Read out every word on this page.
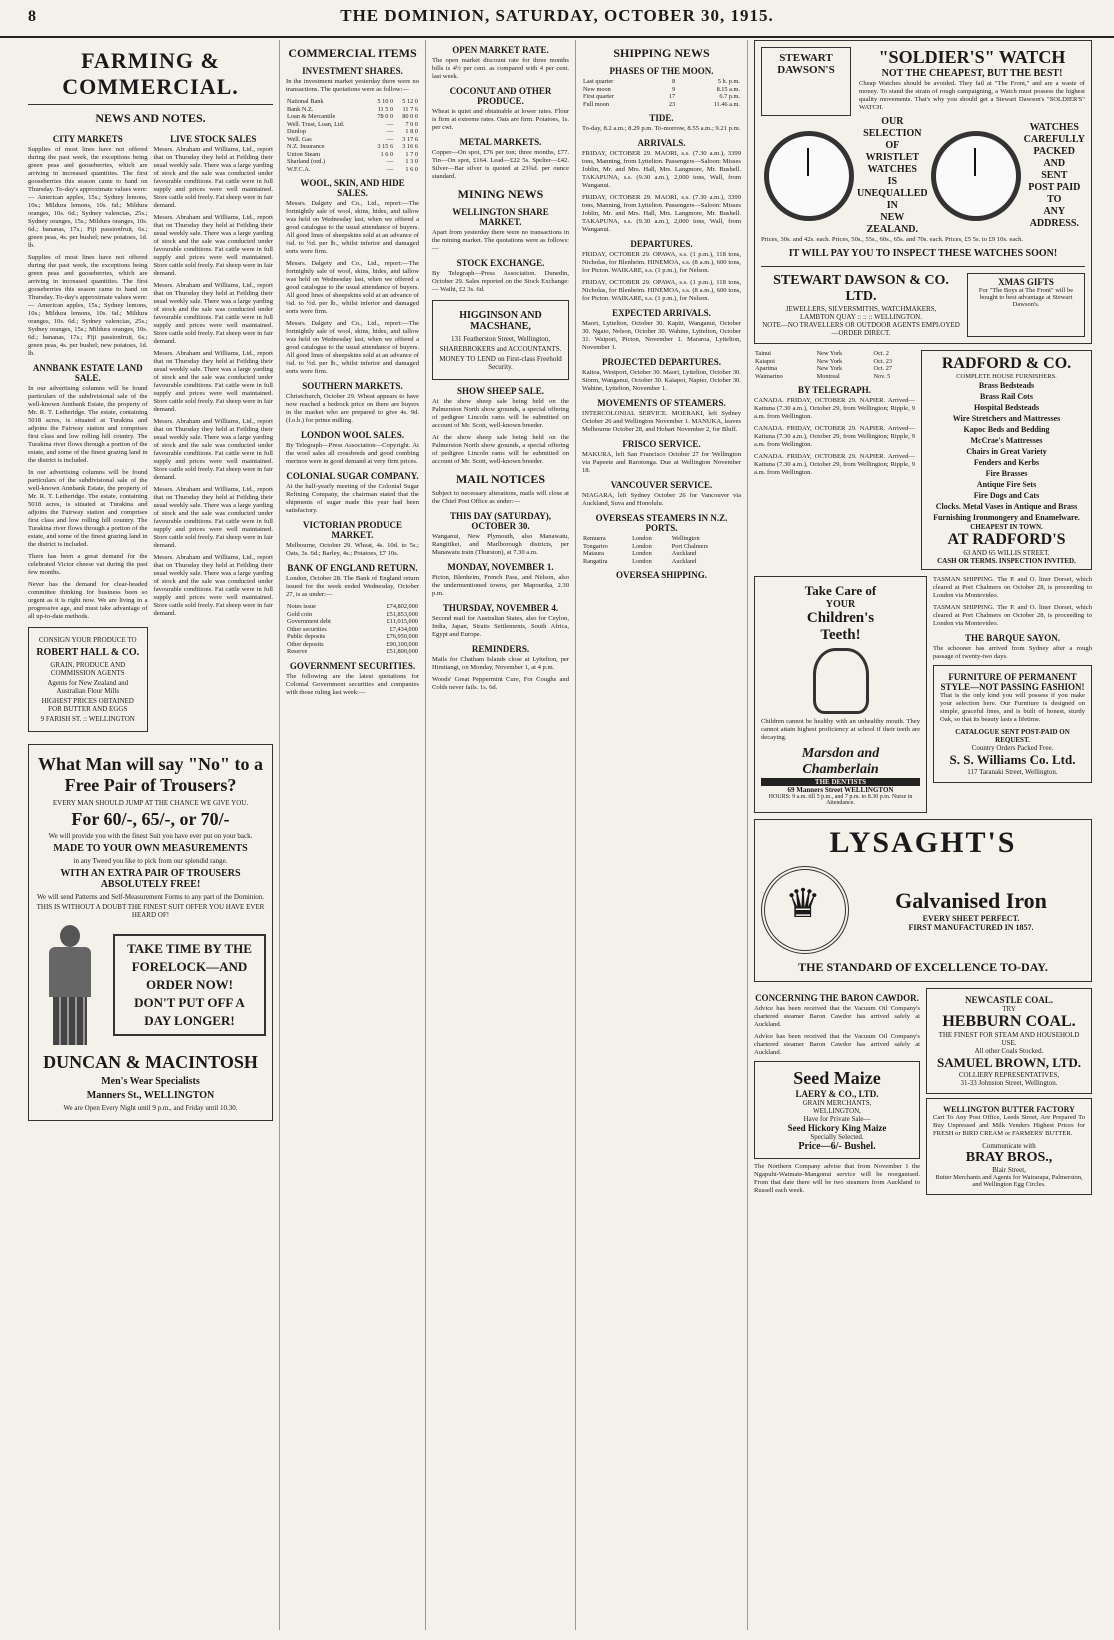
8	THE DOMINION, SATURDAY, OCTOBER 30, 1915.
FARMING & COMMERCIAL.
NEWS AND NOTES.
CITY MARKETS

Supplies of most lines have not offered during the past week, the exceptions being green peas and gooseberries, which are arriving in increased quantities. The first gooseberries this season came to hand on Thursday. To-day's approximate values were:— American apples, 15s.; Sydney lemons, 10s.; Mildura lemons, 10s. 6d.; Mildura oranges, 10s. 6d.; Sydney valencias, 25s.; Sydney oranges, 15s.; Mildura oranges, 10s. 6d.; bananas, 17s.; Fiji passionfruit, 6s.; green peas, 4s. per bushel; new potatoes, 1d. lb.

Supplies of most lines have not offered during the past week, the exceptions being green peas and gooseberries, which are arriving in increased quantities. The first gooseberries this season came to hand on Thursday. To-day's approximate values were:— American apples, 15s.; Sydney lemons, 10s.; Mildura lemons, 10s. 6d.; Mildura oranges, 10s. 6d.; Sydney valencias, 25s.; Sydney oranges, 15s.; Mildura oranges, 10s. 6d.; bananas, 17s.; Fiji passionfruit, 6s.; green peas, 4s. per bushel; new potatoes, 1d. lb.

ANNBANK ESTATE LAND SALE.

In our advertising columns will be found particulars of the subdivisional sale of the well-known Annbank Estate, the property of Mr. R. T. Letheridge. The estate, containing 5018 acres, is situated at Turakina and adjoins the Fairway station and comprises first class and low rolling hill country. The Turakina river flows through a portion of the estate, and some of the finest grazing land in the district is included.

In our advertising columns will be found particulars of the subdivisional sale of the well-known Annbank Estate, the property of Mr. R. T. Letheridge. The estate, containing 5018 acres, is situated at Turakina and adjoins the Fairway station and comprises first class and low rolling hill country. The Turakina river flows through a portion of the estate, and some of the finest grazing land in the district is included.

There has been a great demand for the celebrated Victor cheese vat during the past few months.

Never has the demand for clear-headed committee thinking for business been so urgent as it is right now. We are living in a progressive age, and must take advantage of all up-to-date methods.

CONSIGN YOUR PRODUCE TO
ROBERT HALL & CO.
GRAIN, PRODUCE AND COMMISSION AGENTS
Agents for New Zealand and Australian Flour Mills
HIGHEST PRICES OBTAINED FOR BUTTER AND EGGS
9 FARISH ST. :: WELLINGTON
LIVE STOCK SALES

Messrs. Abraham and Williams, Ltd., report that on Thursday they held at Feilding their usual weekly sale. There was a large yarding of stock and the sale was conducted under favourable conditions. Fat cattle were in full supply and prices were well maintained. Store cattle sold freely. Fat sheep were in fair demand.

Messrs. Abraham and Williams, Ltd., report that on Thursday they held at Feilding their usual weekly sale. There was a large yarding of stock and the sale was conducted under favourable conditions. Fat cattle were in full supply and prices were well maintained. Store cattle sold freely. Fat sheep were in fair demand.

Messrs. Abraham and Williams, Ltd., report that on Thursday they held at Feilding their usual weekly sale. There was a large yarding of stock and the sale was conducted under favourable conditions. Fat cattle were in full supply and prices were well maintained. Store cattle sold freely. Fat sheep were in fair demand.

Messrs. Abraham and Williams, Ltd., report that on Thursday they held at Feilding their usual weekly sale. There was a large yarding of stock and the sale was conducted under favourable conditions. Fat cattle were in full supply and prices were well maintained. Store cattle sold freely. Fat sheep were in fair demand.

Messrs. Abraham and Williams, Ltd., report that on Thursday they held at Feilding their usual weekly sale. There was a large yarding of stock and the sale was conducted under favourable conditions. Fat cattle were in full supply and prices were well maintained. Store cattle sold freely. Fat sheep were in fair demand.

Messrs. Abraham and Williams, Ltd., report that on Thursday they held at Feilding their usual weekly sale. There was a large yarding of stock and the sale was conducted under favourable conditions. Fat cattle were in full supply and prices were well maintained. Store cattle sold freely. Fat sheep were in fair demand.

Messrs. Abraham and Williams, Ltd., report that on Thursday they held at Feilding their usual weekly sale. There was a large yarding of stock and the sale was conducted under favourable conditions. Fat cattle were in full supply and prices were well maintained. Store cattle sold freely. Fat sheep were in fair demand.

What Man will say "No" to a Free Pair of Trousers?
EVERY MAN SHOULD JUMP AT THE CHANCE WE GIVE YOU.
For 60/-, 65/-, or 70/-
We will provide you with the finest Suit you have ever put on your back.
MADE TO YOUR OWN MEASUREMENTS
in any Tweed you like to pick from our splendid range.
WITH AN EXTRA PAIR OF TROUSERS ABSOLUTELY FREE!
We will send Patterns and Self-Measurement Forms to any part of the Dominion.
THIS IS WITHOUT A DOUBT THE FINEST SUIT OFFER YOU HAVE EVER HEARD OF!
TAKE TIME BY THE
FORELOCK—AND
ORDER NOW!
DON'T PUT OFF A
DAY LONGER!
DUNCAN & MACINTOSH
Men's Wear Specialists
Manners St., WELLINGTON
We are Open Every Night until 9 p.m., and Friday until 10.30.
COMMERCIAL ITEMS
INVESTMENT SHARES.

In the investment market yesterday there were no transactions. The quotations were as follow:—

National Bank	5 10 0	5 12 0
Bank N.Z.	11 5 0	11 7 6
Loan & Mercantile	78 0 0	80 0 0
Well. Trust, Loan, Ltd.	—	7 0 0
Dunlop	—	1 8 0
Well. Gas	—	3 17 6
N.Z. Insurance	3 15 6	3 16 6
Union Steam	1 6 0	1 7 0
Sharland (ord.)	—	1 3 0
W.F.C.A.	—	1 6 0
WOOL, SKIN, AND HIDE SALES.

Messrs. Dalgety and Co., Ltd., report:—The fortnightly sale of wool, skins, hides, and tallow was held on Wednesday last, when we offered a good catalogue to the usual attendance of buyers. All good lines of sheepskins sold at an advance of ¼d. to ½d. per lb., whilst inferior and damaged sorts were firm.

Messrs. Dalgety and Co., Ltd., report:—The fortnightly sale of wool, skins, hides, and tallow was held on Wednesday last, when we offered a good catalogue to the usual attendance of buyers. All good lines of sheepskins sold at an advance of ¼d. to ½d. per lb., whilst inferior and damaged sorts were firm.

Messrs. Dalgety and Co., Ltd., report:—The fortnightly sale of wool, skins, hides, and tallow was held on Wednesday last, when we offered a good catalogue to the usual attendance of buyers. All good lines of sheepskins sold at an advance of ¼d. to ½d. per lb., whilst inferior and damaged sorts were firm.

SOUTHERN MARKETS.

Christchurch, October 29. Wheat appears to have now reached a bedrock price on there are buyers in the market who are prepared to give 4s. 9d. (f.o.b.) for prime milling.

LONDON WOOL SALES.

By Telegraph—Press Association—Copyright. At the wool sales all crossbreds and good combing merinos were in good demand at very firm prices.

COLONIAL SUGAR COMPANY.

At the half-yearly meeting of the Colonial Sugar Refining Company, the chairman stated that the shipments of sugar made this year had been satisfactory.

VICTORIAN PRODUCE MARKET.

Melbourne, October 29. Wheat, 4s. 10d. to 5s.; Oats, 3s. 6d.; Barley, 4s.; Potatoes, £7 10s.

BANK OF ENGLAND RETURN.

London, October 28. The Bank of England return issued for the week ended Wednesday, October 27, is as under:—

Notes issue	£74,802,000
Gold coin	£51,853,000
Government debt	£11,015,000
Other securities	£7,434,000
Public deposits	£76,950,000
Other deposits	£90,100,000
Reserve	£51,800,000
GOVERNMENT SECURITIES.

The following are the latest quotations for Colonial Government securities and companies with those ruling last week:—

OPEN MARKET RATE.

The open market discount rate for three months bills is 4½ per cent. as compared with 4 per cent. last week.

COCONUT AND OTHER PRODUCE.

Wheat is quiet and obtainable at lower rates. Flour is firm at extreme rates. Oats are firm. Potatoes, 1s. per cwt.

METAL MARKETS.

Copper—On spot, £76 per ton; three months, £77. Tin—On spot, £164. Lead—£22 5s. Spelter—£42. Silver—Bar silver is quoted at 23¾d. per ounce standard.

MINING NEWS
WELLINGTON SHARE MARKET.

Apart from yesterday there were no transactions in the mining market. The quotations were as follows:—

STOCK EXCHANGE.

By Telegraph—Press Association. Dunedin, October 29. Sales reported on the Stock Exchange:— Waihi, £2 3s. 6d.

HIGGINSON AND MACSHANE,
131 Featherston Street, Wellington,
SHAREBROKERS and ACCOUNTANTS.
MONEY TO LEND on First-class Freehold Security.
SHOW SHEEP SALE.

At the show sheep sale being held on the Palmerston North show grounds, a special offering of pedigree Lincoln rams will be submitted on account of Mr. Scott, well-known breeder.

At the show sheep sale being held on the Palmerston North show grounds, a special offering of pedigree Lincoln rams will be submitted on account of Mr. Scott, well-known breeder.

MAIL NOTICES

Subject to necessary alterations, mails will close at the Chief Post Office as under:—

THIS DAY (SATURDAY), OCTOBER 30.

Wanganui, New Plymouth, also Manawatu, Rangitikei, and Marlborough districts, per Manawatu train (Thurston), at 7.30 a.m.

MONDAY, NOVEMBER 1.

Picton, Blenheim, French Pass, and Nelson, also the undermentioned towns, per Mapourika, 2.30 p.m.

THURSDAY, NOVEMBER 4.

Second mail for Australian States, also for Ceylon, India, Japan, Straits Settlements, South Africa, Egypt and Europe.

REMINDERS.

Mails for Chatham Islands close at Lyttelton, per Himitangi, on Monday, November 1, at 4 p.m.

Woods' Great Peppermint Cure, For Coughs and Colds never fails. 1s. 6d.

SHIPPING NEWS
PHASES OF THE MOON.
Last quarter	8	5 h. p.m.
New moon	9	8.15 a.m.
First quarter	17	6.7 p.m.
Full moon	23	11.46 a.m.
TIDE.

To-day, 8.2 a.m.; 8.29 p.m. To-morrow, 8.55 a.m.; 9.21 p.m.

ARRIVALS.

FRIDAY, OCTOBER 29. MAORI, s.s. (7.30 a.m.), 3399 tons, Manning, from Lyttelton. Passengers—Saloon: Misses Joblin, Mr. and Mrs. Hall, Mrs. Langmore, Mr. Bushell. TAKAPUNA, s.s. (9.30 a.m.), 2,000 tons, Wall, from Wanganui.

FRIDAY, OCTOBER 29. MAORI, s.s. (7.30 a.m.), 3399 tons, Manning, from Lyttelton. Passengers—Saloon: Misses Joblin, Mr. and Mrs. Hall, Mrs. Langmore, Mr. Bushell. TAKAPUNA, s.s. (9.30 a.m.), 2,000 tons, Wall, from Wanganui.

DEPARTURES.

FRIDAY, OCTOBER 29. OPAWA, s.s. (1 p.m.), 118 tons, Nicholas, for Blenheim. HINEMOA, s.s. (8 a.m.), 600 tons, for Picton. WAIKARE, s.s. (1 p.m.), for Nelson.

FRIDAY, OCTOBER 29. OPAWA, s.s. (1 p.m.), 118 tons, Nicholas, for Blenheim. HINEMOA, s.s. (8 a.m.), 600 tons, for Picton. WAIKARE, s.s. (1 p.m.), for Nelson.

EXPECTED ARRIVALS.

Maori, Lyttelton, October 30. Kapiti, Wanganui, October 30. Ngaio, Nelson, October 30. Wahine, Lyttelton, October 31. Waipori, Picton, November 1. Mararoa, Lyttelton, November 1.

PROJECTED DEPARTURES.

Kaitoa, Westport, October 30. Maori, Lyttelton, October 30. Storm, Wanganui, October 30. Kaiapoi, Napier, October 30. Wahine, Lyttelton, November 1.

MOVEMENTS OF STEAMERS.

INTERCOLONIAL SERVICE. MOERAKI, left Sydney October 26 and Wellington November 1. MANUKA, leaves Melbourne October 28, and Hobart November 2, for Bluff.

FRISCO SERVICE.

MAKURA, left San Francisco October 27 for Wellington via Papeete and Rarotonga. Due at Wellington November 18.

VANCOUVER SERVICE.

NIAGARA, left Sydney October 26 for Vancouver via Auckland, Suva and Honolulu.

OVERSEAS STEAMERS IN N.Z. PORTS.
Remuera	London	Wellington
Tongariro	London	Port Chalmers
Mataura	London	Auckland
Rangatira	London	Auckland
OVERSEA SHIPPING.
STEWART DAWSON'S
"SOLDIER'S" WATCH
NOT THE CHEAPEST, BUT THE BEST!

Cheap Watches should be avoided. They fail at "The Front," and are a waste of money. To stand the strain of rough campaigning, a Watch must possess the highest quality movements. That's why you should get a Stewart Dawson's "SOLDIER'S" WATCH.

OUR
SELECTION
OF
WRISTLET
WATCHES
IS
UNEQUALLED
IN
NEW
ZEALAND.
WATCHES
CAREFULLY
PACKED
AND
SENT
POST PAID
TO
ANY
ADDRESS.

Prices, 30s. and 42s. each. Prices, 50s., 55s., 60s., 65s. and 70s. each. Prices, £5 5s. to £9 10s. each.

IT WILL PAY YOU TO INSPECT THESE WATCHES SOON!
STEWART DAWSON & CO. LTD.
JEWELLERS, SILVERSMITHS, WATCHMAKERS,
LAMBTON QUAY :: :: :: WELLINGTON.
NOTE—NO TRAVELLERS OR OUTDOOR AGENTS EMPLOYED—ORDER DIRECT.
XMAS GIFTS
For "The Boys at The Front" will be bought to best advantage at Stewart Dawson's.
Tainui	New York	Oct. 2
Kaiapoi	New York	Oct. 23
Aparima	New York	Oct. 27
Waimarino	Montreal	Nov. 5
BY TELEGRAPH.

CANADA. FRIDAY, OCTOBER 29. NAPIER. Arrived—Kaituna (7.30 a.m.), October 29, from Wellington; Ripple, 9 a.m. from Wellington.

CANADA. FRIDAY, OCTOBER 29. NAPIER. Arrived—Kaituna (7.30 a.m.), October 29, from Wellington; Ripple, 9 a.m. from Wellington.

CANADA. FRIDAY, OCTOBER 29. NAPIER. Arrived—Kaituna (7.30 a.m.), October 29, from Wellington; Ripple, 9 a.m. from Wellington.

RADFORD & CO.
COMPLETE HOUSE FURNISHERS.
Brass Bedsteads
Brass Rail Cots
Hospital Bedsteads
Wire Stretchers and Mattresses
Kapoc Beds and Bedding
McCrae's Mattresses
Chairs in Great Variety
Fenders and Kerbs
Fire Brasses
Antique Fire Sets
Fire Dogs and Cats
Clocks. Metal Vases in Antique and Brass
Furnishing Ironmongery and Enamelware.
CHEAPEST IN TOWN.
AT RADFORD'S
63 AND 65 WILLIS STREET.
CASH OR TERMS. INSPECTION INVITED.
Take Care of
YOUR
Children's
Teeth!

Children cannot be healthy with an unhealthy mouth. They cannot attain highest proficiency at school if their teeth are decaying.

Marsdon and
Chamberlain
THE DENTISTS
69 Manners Street WELLINGTON
HOURS: 9 a.m. till 5 p.m., and 7 p.m. to 8.30 p.m. Nurse in Attendance.

TASMAN SHIPPING. The P. and O. liner Dorset, which cleared at Port Chalmers on October 28, is proceeding to London via Montevideo.

TASMAN SHIPPING. The P. and O. liner Dorset, which cleared at Port Chalmers on October 28, is proceeding to London via Montevideo.

THE BARQUE SAYON.

The schooner has arrived from Sydney after a rough passage of twenty-two days.

FURNITURE OF PERMANENT
STYLE—NOT PASSING FASHION!

That is the only kind you will possess if you make your selection here. Our Furniture is designed on simple, graceful lines, and is built of honest, sturdy Oak, so that its beauty lasts a lifetime.

CATALOGUE SENT POST-PAID ON REQUEST.
Country Orders Packed Free.
S. S. Williams Co. Ltd.
117 Taranaki Street, Wellington.
LYSAGHT'S
♛
Galvanised Iron
EVERY SHEET PERFECT.
FIRST MANUFACTURED IN 1857.
THE STANDARD OF EXCELLENCE TO-DAY.
CONCERNING THE BARON CAWDOR.

Advice has been received that the Vacuum Oil Company's chartered steamer Baron Cawdor has arrived safely at Auckland.

Advice has been received that the Vacuum Oil Company's chartered steamer Baron Cawdor has arrived safely at Auckland.

Seed Maize
LAERY & CO., LTD.
GRAIN MERCHANTS,
WELLINGTON,
Have for Private Sale—
Seed Hickory King Maize
Specially Selected.
Price—6/- Bushel.

The Northern Company advise that from November 1 the Ngapuhi-Waimate-Mangonui service will be reorganised. From that date there will be two steamers from Auckland to Russell each week.

NEWCASTLE COAL.
TRY
HEBBURN COAL.
THE FINEST FOR STEAM AND HOUSEHOLD USE.
All other Coals Stocked.
SAMUEL BROWN, LTD.
COLLIERY REPRESENTATIVES,
31-33 Johnston Street, Wellington.
WELLINGTON BUTTER FACTORY

Cart To Any Post Office, Leeds Street, Are Prepared To Buy Unpressed and Milk Venders Highest Prices for FRESH or BIRD CREAM or FARMERS' BUTTER.

Communicate with
BRAY BROS.,
Blair Street,
Butter Merchants and Agents for Wairarapa, Palmerston, and Wellington Egg Circles.
